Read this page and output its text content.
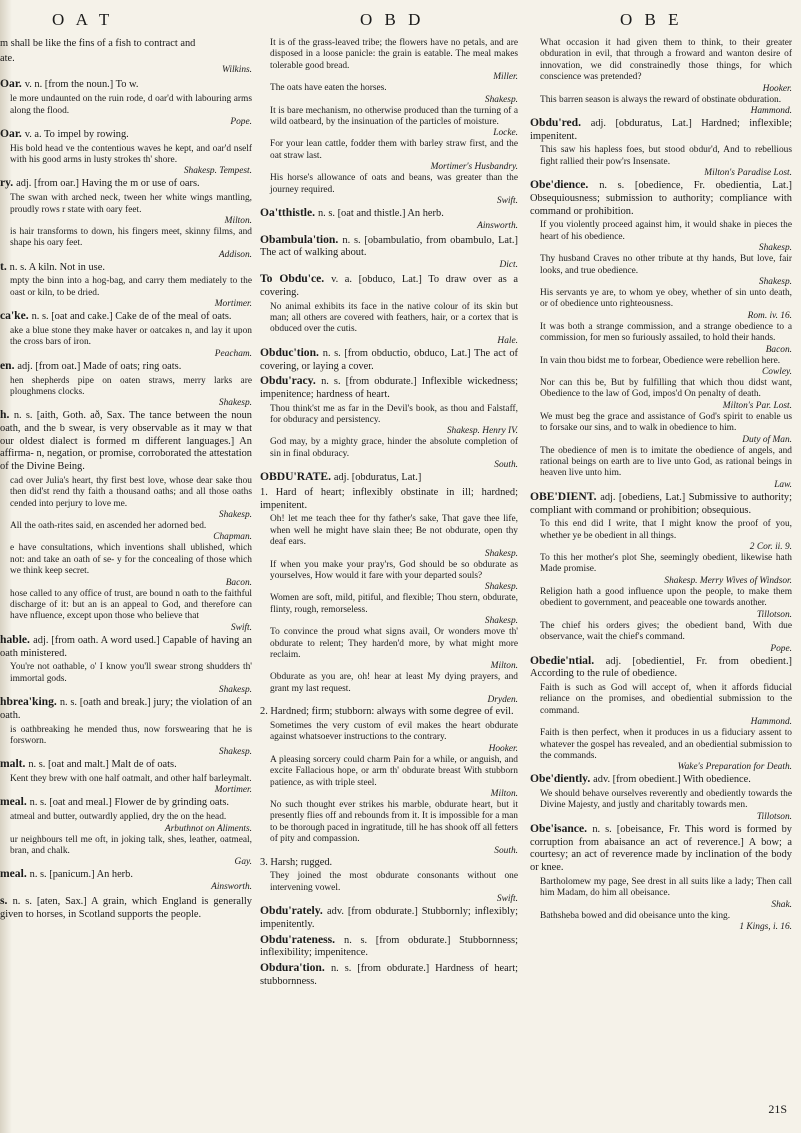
O A T	O B D	O B E
m shall be like the fins of a fish to contract and
ate.
Wilkins.
Oar. v. n. [from the noun.] To w.
le more undaunted on the ruin rode, d oar'd with labouring arms along the flood.
Pope.
Oar. v. a. To impel by rowing.
His bold head ve the contentious waves he kept, and oar'd nself with his good arms in lusty strokes th' shore.
Shakesp. Tempest.
ry. adj. [from oar.] Having the m or use of oars.
The swan with arched neck, tween her white wings mantling, proudly rows r state with oary feet.
Milton.
is hair transforms to down, his fingers meet, skinny films, and shape his oary feet.
Addison.
t. n. s. A kiln. Not in use.
mpty the binn into a hog-bag, and carry them mediately to the oast or kiln, to be dried.
Mortimer.
ca'ke. n. s. [oat and cake.] Cake de of the meal of oats.
ake a blue stone they make haver or oatcakes n, and lay it upon the cross bars of iron.
Peacham.
en. adj. [from oat.] Made of oats; ring oats.
hen shepherds pipe on oaten straws, merry larks are ploughmens clocks.
Shakesp.
h. n. s. [aith, Goth. að, Sax. The tance between the noun oath, and the b swear, is very observable as it may w that our oldest dialect is formed m different languages.] An affirma- n, negation, or promise, corroborated the attestation of the Divine Being.
cad over Julia's heart, thy first best love, whose dear sake thou then did'st rend thy faith a thousand oaths; and all those oaths cended into perjury to love me.
Shakesp.
All the oath-rites said, en ascended her adorned bed.
Chapman.
e have consultations, which inventions shall ublished, which not: and take an oath of se- y for the concealing of those which we think keep secret.
Bacon.
hose called to any office of trust, are bound n oath to the faithful discharge of it: but an is an appeal to God, and therefore can have nfluence, except upon those who believe that
Swift.
hable. adj. [from oath. A word used.] Capable of having an oath ministered.
You're not oathable, o' I know you'll swear strong shudders th' immortal gods.
Shakesp.
hbrea'king. n. s. [oath and break.] jury; the violation of an oath.
is oathbreaking he mended thus, now forswearing that he is forsworn.
Shakesp.
malt. n. s. [oat and malt.] Malt de of oats.
Kent they brew with one half oatmalt, and other half barleymalt.
Mortimer.
meal. n. s. [oat and meal.] Flower de by grinding oats.
atmeal and butter, outwardly applied, dry the on the head.
Arbuthnot on Aliments.
ur neighbours tell me oft, in joking talk, shes, leather, oatmeal, bran, and chalk.
Gay.
meal. n. s. [panicum.] An herb.
Ainsworth.
s. n. s. [aten, Sax.] A grain, which England is generally given to horses, in Scotland supports the people.
It is of the grass-leaved tribe; the flowers have no petals, and are disposed in a loose panicle: the grain is eatable. The meal makes tolerable good bread.
Miller.
The oats have eaten the horses.
Shakesp.
It is bare mechanism, no otherwise produced than the turning of a wild oatbeard, by the insinuation of the particles of moisture.
Locke.
For your lean cattle, fodder them with barley straw first, and the oat straw last.
Mortimer's Husbandry.
His horse's allowance of oats and beans, was greater than the journey required.
Swift.
Oa'tthistle. n. s. [oat and thistle.] An herb.
Ainsworth.
Obambula'tion. n. s. [obambulatio, from obambulo, Lat.] The act of walking about.
Dict.
To Obdu'ce. v. a. [obduco, Lat.] To draw over as a covering.
No animal exhibits its face in the native colour of its skin but man; all others are covered with feathers, hair, or a cortex that is obduced over the cutis.
Hale.
Obduc'tion. n. s. [from obductio, obduco, Lat.] The act of covering, or laying a cover.
Obdu'racy. n. s. [from obdurate.] Inflexible wickedness; impenitence; hardness of heart.
Thou think'st me as far in the Devil's book, as thou and Falstaff, for obduracy and persistency.
Shakesp. Henry IV.
God may, by a mighty grace, hinder the absolute completion of sin in final obduracy.
South.
OBDU'RATE. adj. [obduratus, Lat.]
1. Hard of heart; inflexibly obstinate in ill; hardned; impenitent.
Oh! let me teach thee for thy father's sake, That gave thee life, when well he might have slain thee; Be not obdurate, open thy deaf ears.
Shakesp.
If when you make your pray'rs, God should be so obdurate as yourselves, How would it fare with your departed souls?
Shakesp.
Women are soft, mild, pitiful, and flexible; Thou stern, obdurate, flinty, rough, remorseless.
Shakesp.
To convince the proud what signs avail, Or wonders move th' obdurate to relent; They harden'd more, by what might more reclaim.
Milton.
Obdurate as you are, oh! hear at least My dying prayers, and grant my last request.
Dryden.
2. Hardned; firm; stubborn: always with some degree of evil.
Sometimes the very custom of evil makes the heart obdurate against whatsoever instructions to the contrary.
Hooker.
A pleasing sorcery could charm Pain for a while, or anguish, and excite Fallacious hope, or arm th' obdurate breast With stubborn patience, as with triple steel.
Milton.
No such thought ever strikes his marble, obdurate heart, but it presently flies off and rebounds from it. It is impossible for a man to be thorough paced in ingratitude, till he has shook off all fetters of pity and compassion.
South.
3. Harsh; rugged.
They joined the most obdurate consonants without one intervening vowel.
Swift.
Obdu'rately. adv. [from obdurate.] Stubbornly; inflexibly; impenitently.
Obdu'rateness. n. s. [from obdurate.] Stubbornness; inflexibility; impenitence.
Obdura'tion. n. s. [from obdurate.] Hardness of heart; stubbornness.
What occasion it had given them to think, to their greater obduration in evil, that through a froward and wanton desire of innovation, we did constrainedly those things, for which conscience was pretended?
Hooker.
This barren season is always the reward of obstinate obduration.
Hammond.
Obdu'red. adj. [obduratus, Lat.] Hardned; inflexible; impenitent.
This saw his hapless foes, but stood obdur'd, And to rebellious fight rallied their pow'rs Insensate.
Milton's Paradise Lost.
Obe'dience. n. s. [obedience, Fr. obedientia, Lat.] Obsequiousness; submission to authority; compliance with command or prohibition.
If you violently proceed against him, it would shake in pieces the heart of his obedience.
Shakesp.
Thy husband Craves no other tribute at thy hands, But love, fair looks, and true obedience.
Shakesp.
His servants ye are, to whom ye obey, whether of sin unto death, or of obedience unto righteousness.
Rom. iv. 16.
It was both a strange commission, and a strange obedience to a commission, for men so furiously assailed, to hold their hands.
Bacon.
In vain thou bidst me to forbear, Obedience were rebellion here.
Cowley.
Nor can this be, But by fulfilling that which thou didst want, Obedience to the law of God, impos'd On penalty of death.
Milton's Par. Lost.
We must beg the grace and assistance of God's spirit to enable us to forsake our sins, and to walk in obedience to him.
Duty of Man.
The obedience of men is to imitate the obedience of angels, and rational beings on earth are to live unto God, as rational beings in heaven live unto him.
Law.
OBE'DIENT. adj. [obediens, Lat.] Submissive to authority; compliant with command or prohibition; obsequious.
To this end did I write, that I might know the proof of you, whether ye be obedient in all things.
2 Cor. ii. 9.
To this her mother's plot She, seemingly obedient, likewise hath Made promise.
Shakesp. Merry Wives of Windsor.
Religion hath a good influence upon the people, to make them obedient to government, and peaceable one towards another.
Tillotson.
The chief his orders gives; the obedient band, With due observance, wait the chief's command.
Pope.
Obedie'ntial. adj. [obedientiel, Fr. from obedient.] According to the rule of obedience.
Faith is such as God will accept of, when it affords fiducial reliance on the promises, and obediential submission to the command.
Hammond.
Faith is then perfect, when it produces in us a fiduciary assent to whatever the gospel has revealed, and an obediential submission to the commands.
Wake's Preparation for Death.
Obe'diently. adv. [from obedient.] With obedience.
We should behave ourselves reverently and obediently towards the Divine Majesty, and justly and charitably towards men.
Tillotson.
Obe'isance. n. s. [obeisance, Fr. This word is formed by corruption from abaisance an act of reverence.] A bow; a courtesy; an act of reverence made by inclination of the body or knee.
Bartholomew my page, See drest in all suits like a lady; Then call him Madam, do him all obeisance.
Shak.
Bathsheba bowed and did obeisance unto the king.
1 Kings, i. 16.
21S
